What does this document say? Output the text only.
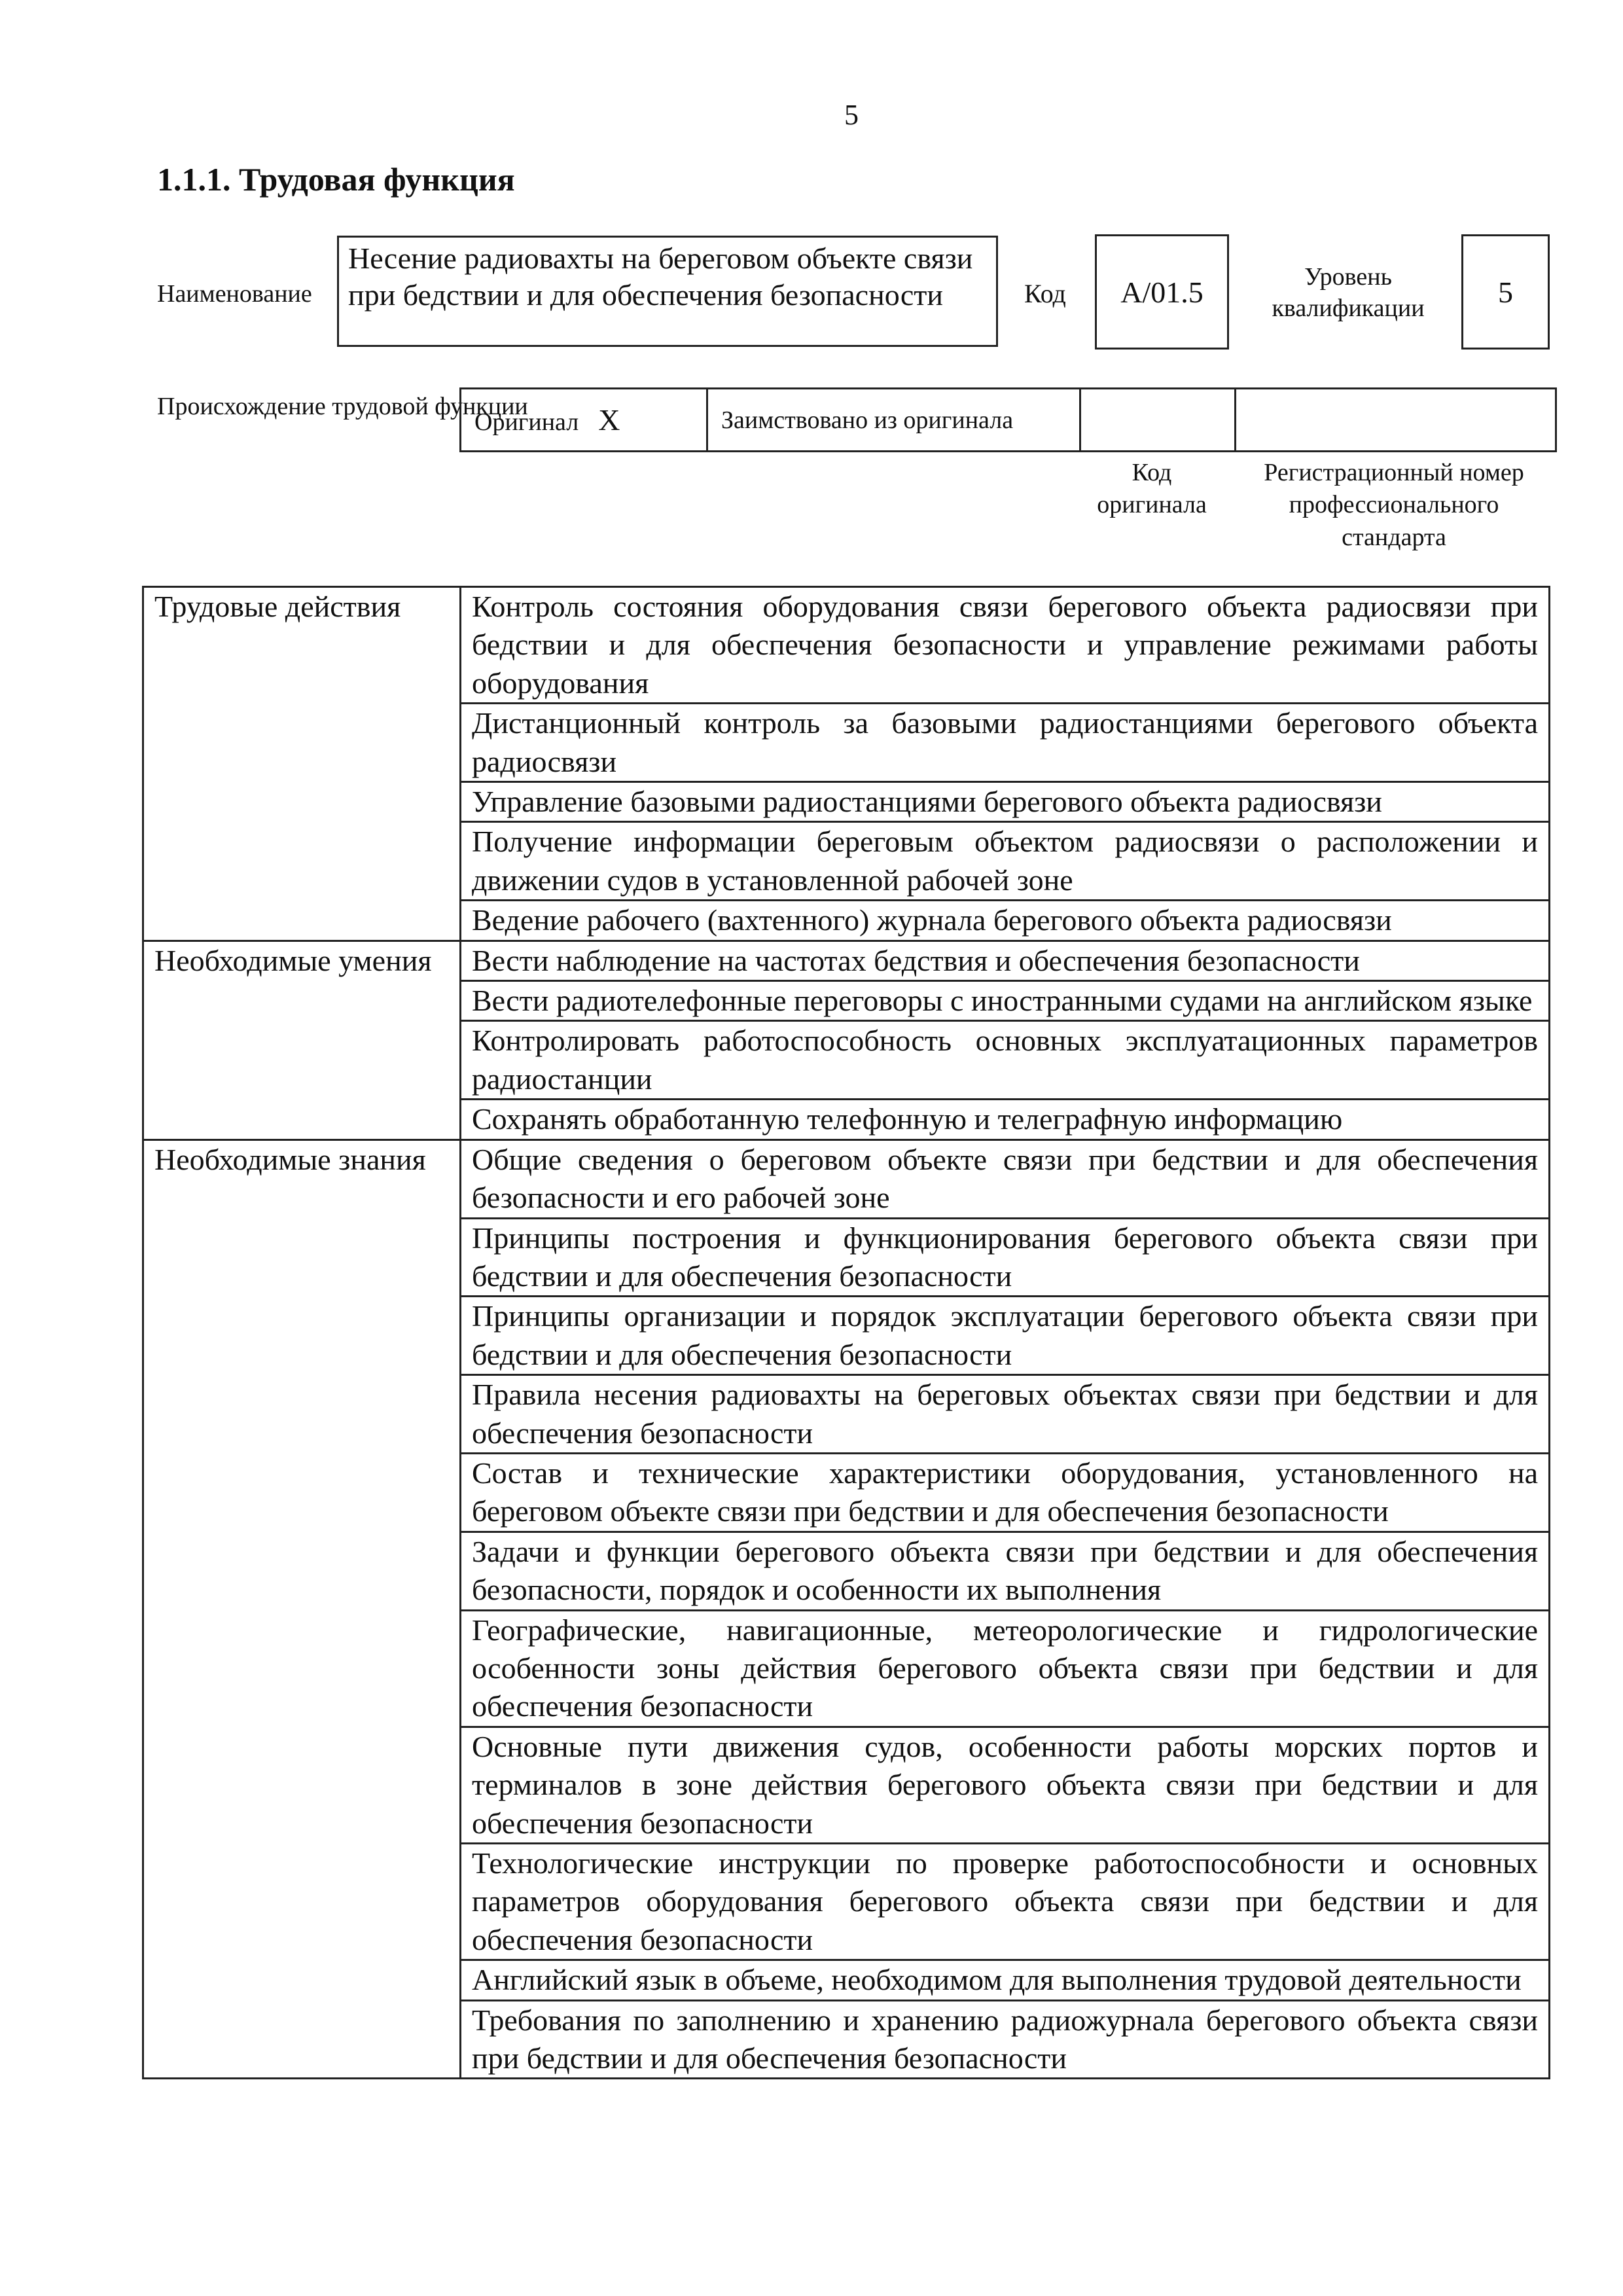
5
1.1.1. Трудовая функция
Наименование
Несение радиовахты на береговом объекте связи при бедствии и для обеспечения безопасности	Код	А/01.5	Уровень квалификации	5
Происхождение трудовой функции
Оригинал Х	Заимствовано из оригинала		
Код оригинала
Регистрационный номер профессионального стандарта
Трудовые действия	Контроль состояния оборудования связи берегового объекта радиосвязи при бедствии и для обеспечения безопасности и управление режимами работы оборудования
	Дистанционный контроль за базовыми радиостанциями берегового объекта радиосвязи
	Управление базовыми радиостанциями берегового объекта радиосвязи
	Получение информации береговым объектом радиосвязи о расположении и движении судов в установленной рабочей зоне
	Ведение рабочего (вахтенного) журнала берегового объекта радиосвязи
Необходимые умения	Вести наблюдение на частотах бедствия и обеспечения безопасности
	Вести радиотелефонные переговоры с иностранными судами на английском языке
	Контролировать работоспособность основных эксплуатационных параметров радиостанции
	Сохранять обработанную телефонную и телеграфную информацию
Необходимые знания	Общие сведения о береговом объекте связи при бедствии и для обеспечения безопасности и его рабочей зоне
	Принципы построения и функционирования берегового объекта связи при бедствии и для обеспечения безопасности
	Принципы организации и порядок эксплуатации берегового объекта связи при бедствии и для обеспечения безопасности
	Правила несения радиовахты на береговых объектах связи при бедствии и для обеспечения безопасности
	Состав и технические характеристики оборудования, установленного на береговом объекте связи при бедствии и для обеспечения безопасности
	Задачи и функции берегового объекта связи при бедствии и для обеспечения безопасности, порядок и особенности их выполнения
	Географические, навигационные, метеорологические и гидрологические особенности зоны действия берегового объекта связи при бедствии и для обеспечения безопасности
	Основные пути движения судов, особенности работы морских портов и терминалов в зоне действия берегового объекта связи при бедствии и для обеспечения безопасности
	Технологические инструкции по проверке работоспособности и основных параметров оборудования берегового объекта связи при бедствии и для обеспечения безопасности
	Английский язык в объеме, необходимом для выполнения трудовой деятельности
	Требования по заполнению и хранению радиожурнала берегового объекта связи при бедствии и для обеспечения безопасности
